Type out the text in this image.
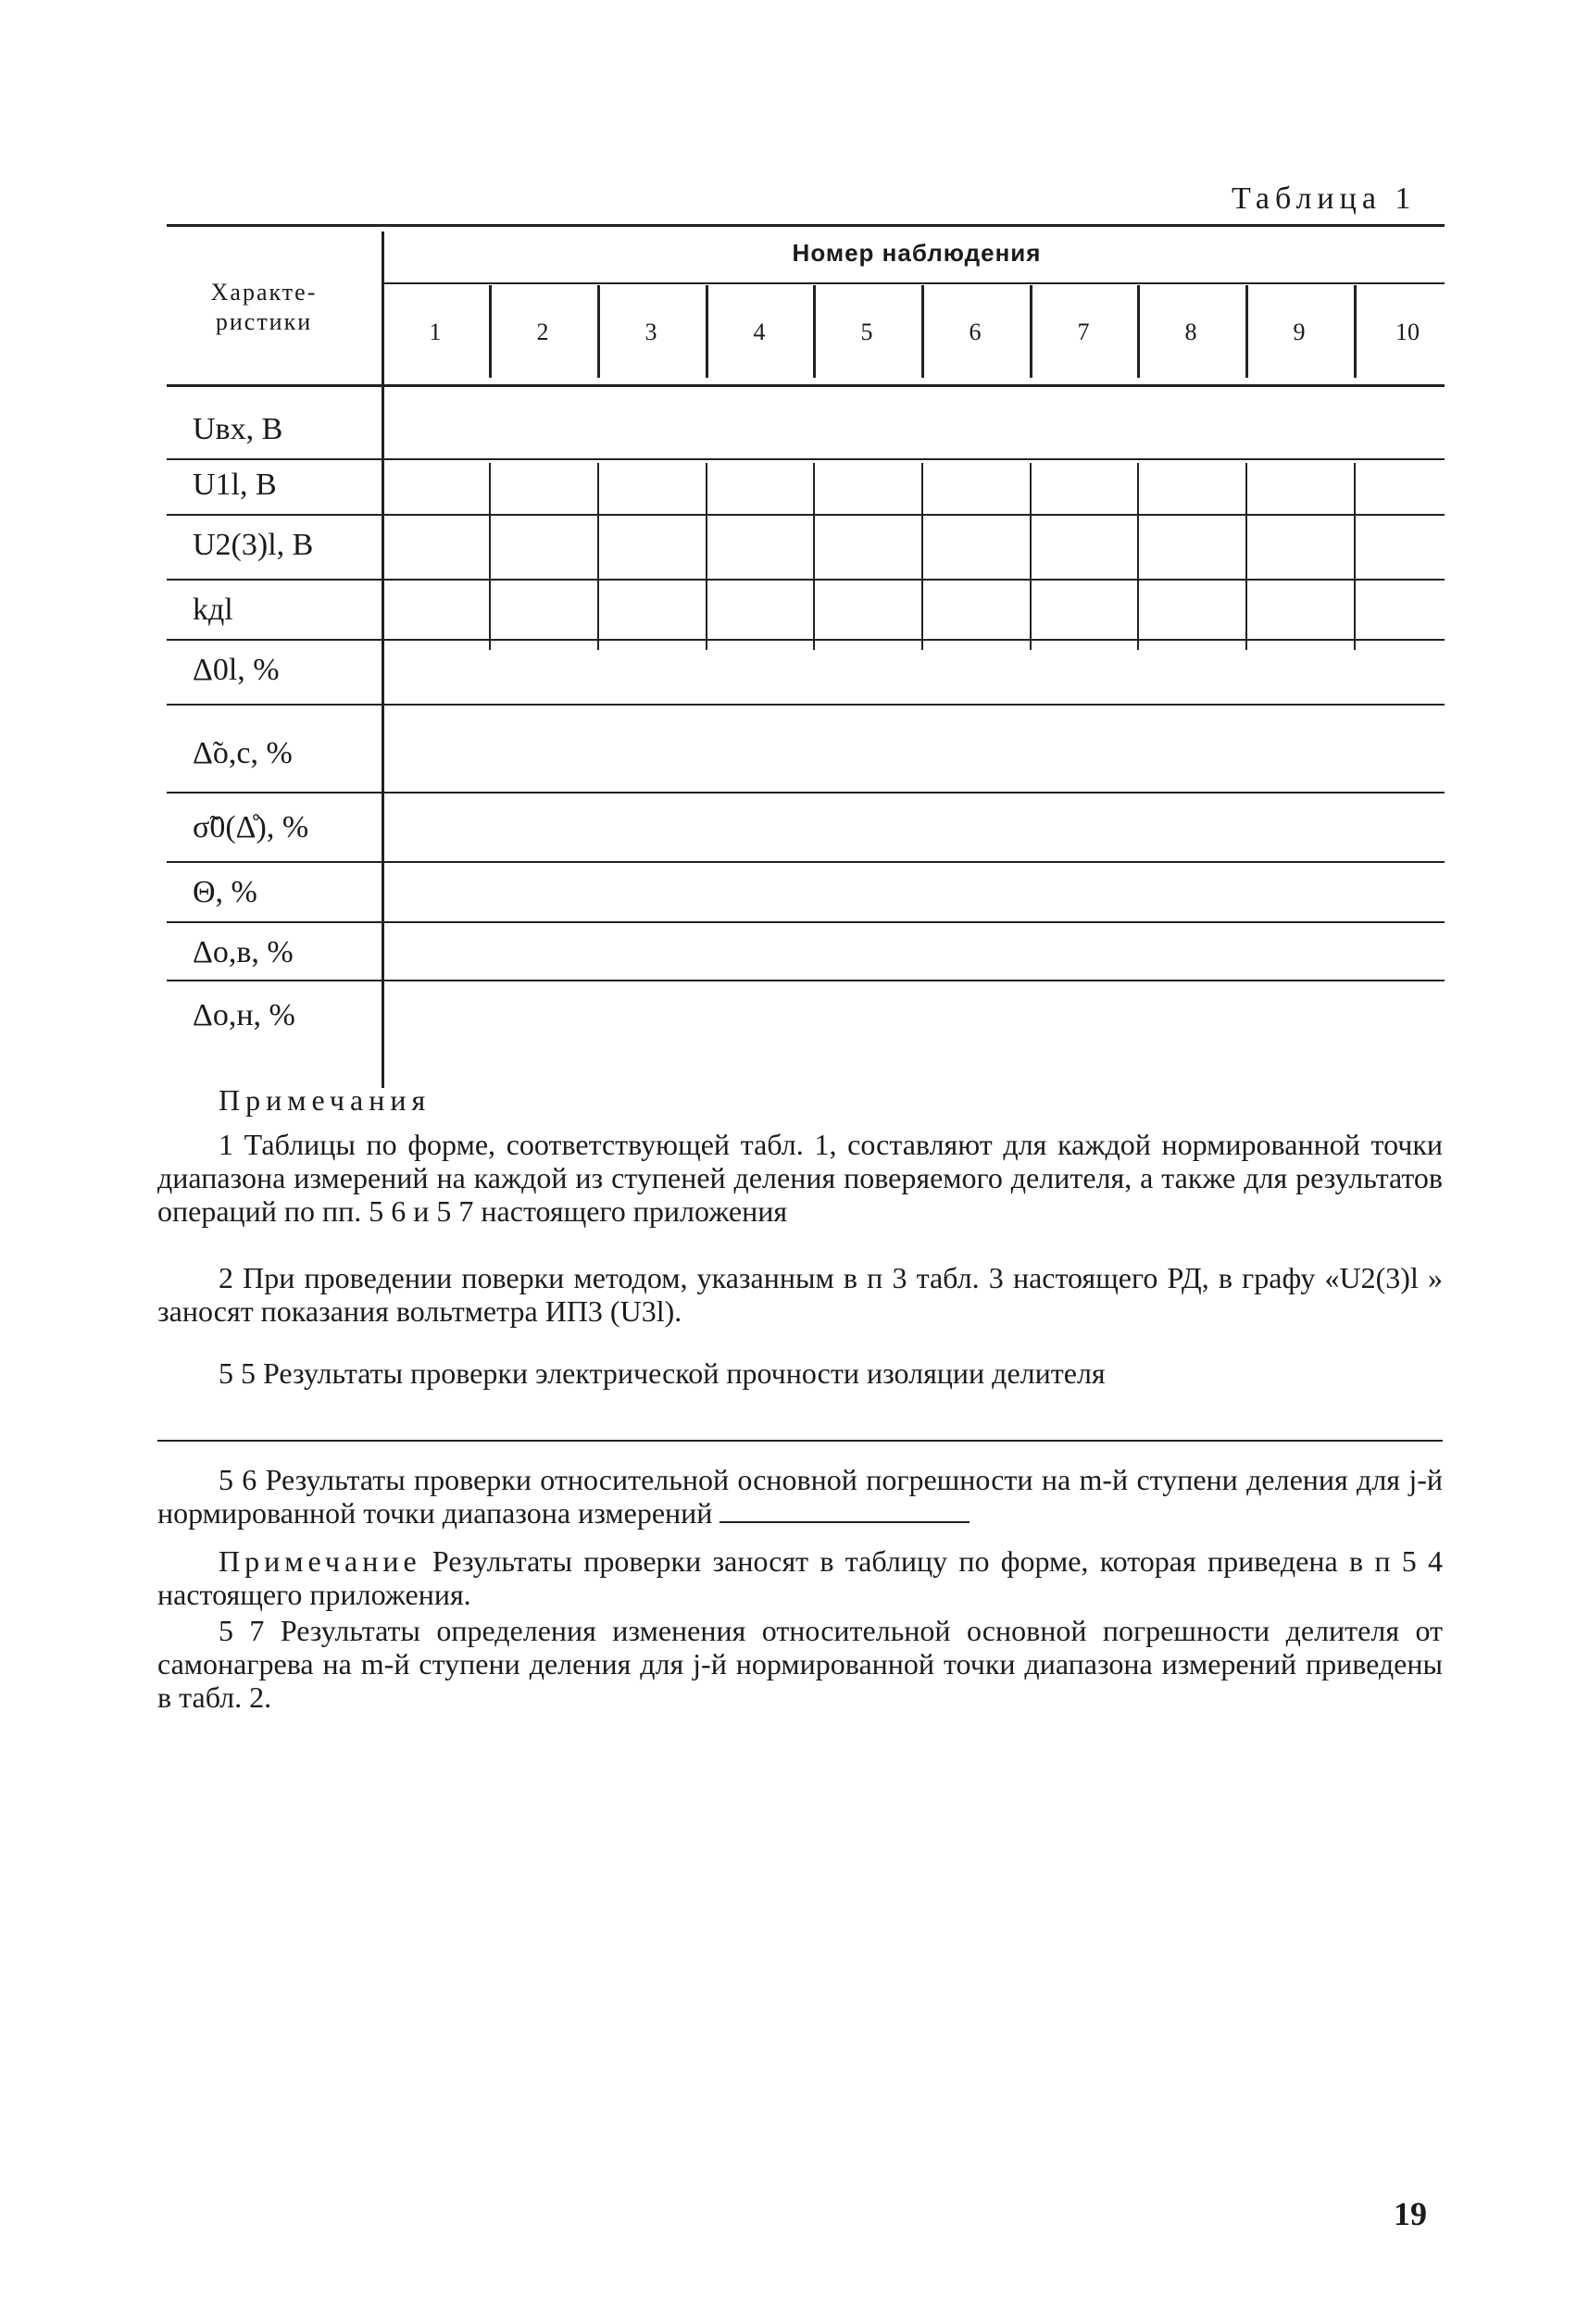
Таблица 1
Характе-
ристики
Номер наблюдения
1	2	3	4	5	6	7	8	9	10
Uвх, В
U1l, В
U2(3)l, В
kдl
Δ0l, %
Δ̃о,с, %
σ̃0(Δ̊), %
Θ, %
Δо,в, %
Δо,н, %
Примечания
1 Таблицы по форме, соответствующей табл. 1, составляют для каждой нормированной точки диапазона измерений на каждой из ступеней деления поверяемого делителя, а также для результатов операций по пп. 5 6 и 5 7 настоящего приложения
2 При проведении поверки методом, указанным в п 3 табл. 3 настоящего РД, в графу «U2(3)l » заносят показания вольтметра ИП3 (U3l).
5 5 Результаты проверки электрической прочности изоляции делителя
5 6 Результаты проверки относительной основной погрешности на m-й ступени деления для j-й нормированной точки диапазона измерений
Примечание Результаты проверки заносят в таблицу по форме, которая приведена в п 5 4 настоящего приложения.
5 7 Результаты определения изменения относительной основной погрешности делителя от самонагрева на m-й ступени деления для j-й нормированной точки диапазона измерений приведены в табл. 2.
19
